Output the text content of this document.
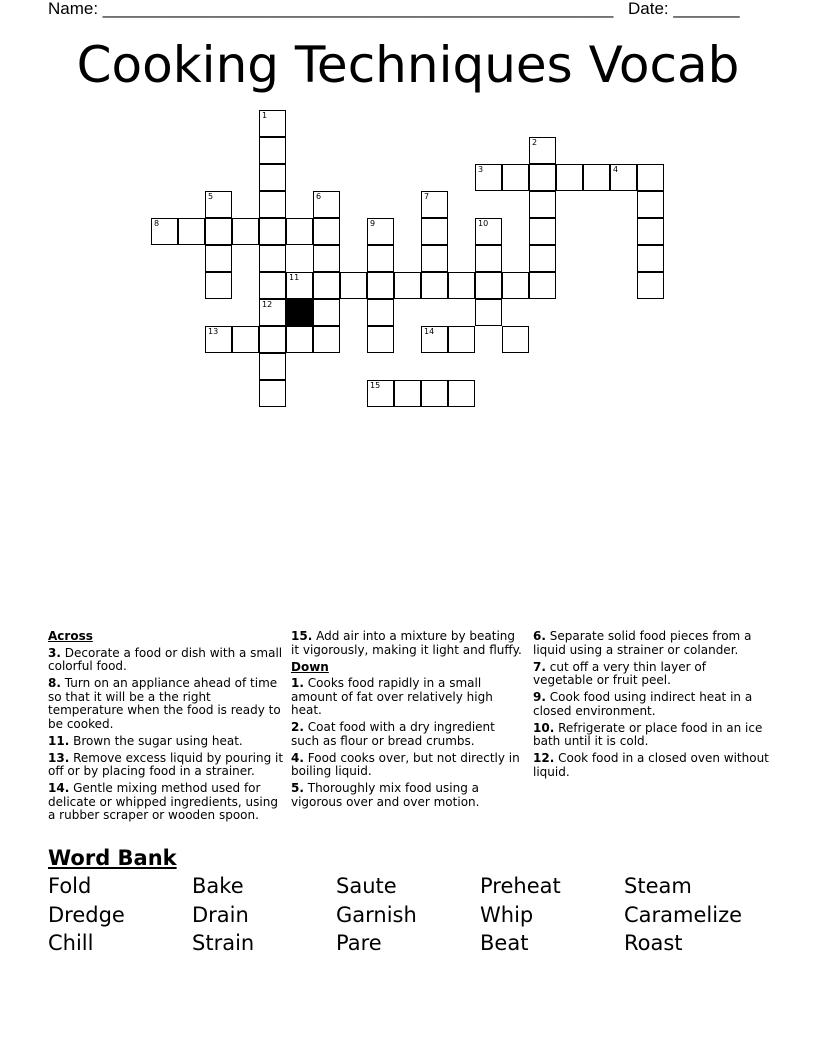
Name: ______________________________________________________ Date: _______
Cooking Techniques Vocab
1
12
2
3	4
5	6	7
8	9	10
11
13	14
15

Across

3. Decorate a food or dish with a small colorful food.

8. Turn on an appliance ahead of time so that it will be a the right temperature when the food is ready to be cooked.

11. Brown the sugar using heat.

13. Remove excess liquid by pouring it off or by placing food in a strainer.

14. Gentle mixing method used for delicate or whipped ingredients, using a rubber scraper or wooden spoon.

15. Add air into a mixture by beating it vigorously, making it light and fluffy.

Down

1. Cooks food rapidly in a small amount of fat over relatively high heat.

2. Coat food with a dry ingredient such as flour or bread crumbs.

4. Food cooks over, but not directly in boiling liquid.

5. Thoroughly mix food using a vigorous over and over motion.

6. Separate solid food pieces from a liquid using a strainer or colander.

7. cut off a very thin layer of vegetable or fruit peel.

9. Cook food using indirect heat in a closed environment.

10. Refrigerate or place food in an ice bath until it is cold.

12. Cook food in a closed oven without liquid.

Word Bank
Fold	Bake	Saute	Preheat	Steam
Dredge	Drain	Garnish	Whip	Caramelize
Chill	Strain	Pare	Beat	Roast
